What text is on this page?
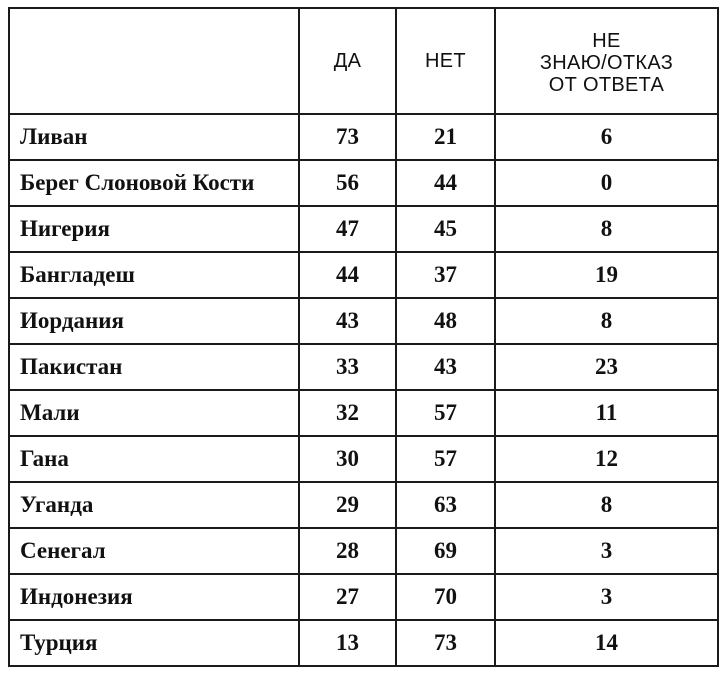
	ДА	НЕТ	НЕ
ЗНАЮ/ОТКАЗ
ОТ ОТВЕТА

Ливан	73	21	6
Берег Слоновой Кости	56	44	0
Нигерия	47	45	8
Бангладеш	44	37	19
Иордания	43	48	8
Пакистан	33	43	23
Мали	32	57	11
Гана	30	57	12
Уганда	29	63	8
Сенегал	28	69	3
Индонезия	27	70	3
Турция	13	73	14
